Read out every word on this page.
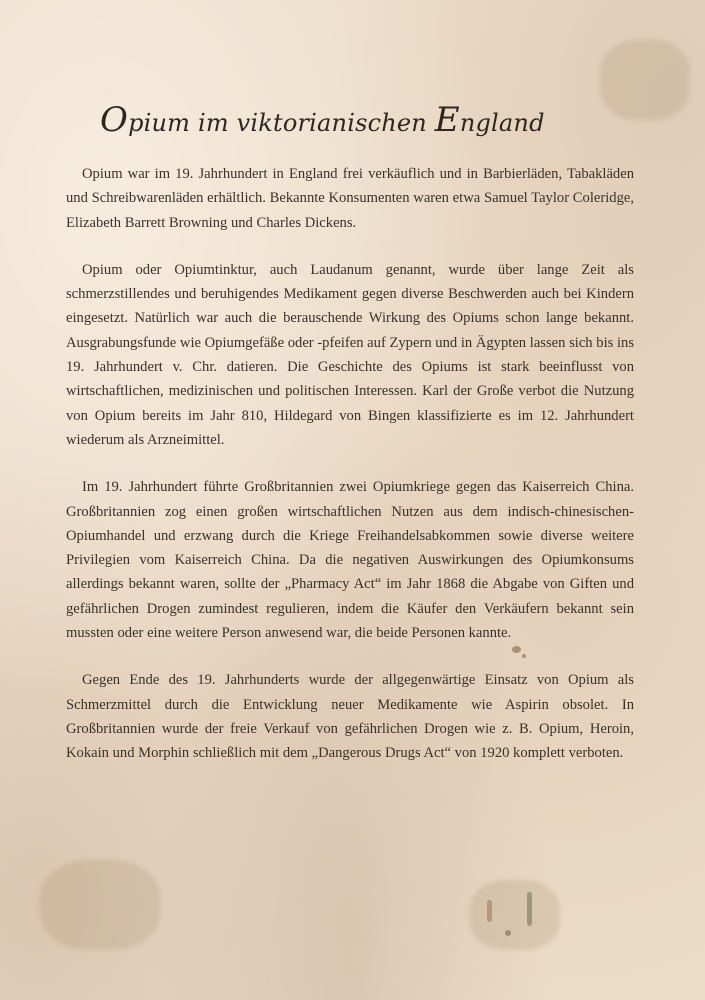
Opium im viktorianischen England

Opium war im 19. Jahrhundert in England frei verkäuflich und in Barbierläden, Tabakläden und Schreibwarenläden erhältlich. Bekannte Konsumenten waren etwa Samuel Taylor Coleridge, Elizabeth Barrett Browning und Charles Dickens.

Opium oder Opiumtinktur, auch Laudanum genannt, wurde über lange Zeit als schmerzstillendes und beruhigendes Medikament gegen diverse Beschwerden auch bei Kindern eingesetzt. Natürlich war auch die berauschende Wirkung des Opiums schon lange bekannt. Ausgrabungsfunde wie Opiumgefäße oder -pfeifen auf Zypern und in Ägypten lassen sich bis ins 19. Jahrhundert v. Chr. datieren. Die Geschichte des Opiums ist stark beeinflusst von wirtschaftlichen, medizinischen und politischen Interessen. Karl der Große verbot die Nutzung von Opium bereits im Jahr 810, Hildegard von Bingen klassifizierte es im 12. Jahrhundert wiederum als Arzneimittel.

Im 19. Jahrhundert führte Großbritannien zwei Opiumkriege gegen das Kaiserreich China. Großbritannien zog einen großen wirtschaftlichen Nutzen aus dem indisch-chinesischen-Opiumhandel und erzwang durch die Kriege Freihandelsabkommen sowie diverse weitere Privilegien vom Kaiserreich China. Da die negativen Auswirkungen des Opiumkonsums allerdings bekannt waren, sollte der „Pharmacy Act“ im Jahr 1868 die Abgabe von Giften und gefährlichen Drogen zumindest regulieren, indem die Käufer den Verkäufern bekannt sein mussten oder eine weitere Person anwesend war, die beide Personen kannte.

Gegen Ende des 19. Jahrhunderts wurde der allgegenwärtige Einsatz von Opium als Schmerzmittel durch die Entwicklung neuer Medikamente wie Aspirin obsolet. In Großbritannien wurde der freie Verkauf von gefährlichen Drogen wie z. B. Opium, Heroin, Kokain und Morphin schließlich mit dem „Dangerous Drugs Act“ von 1920 komplett verboten.
